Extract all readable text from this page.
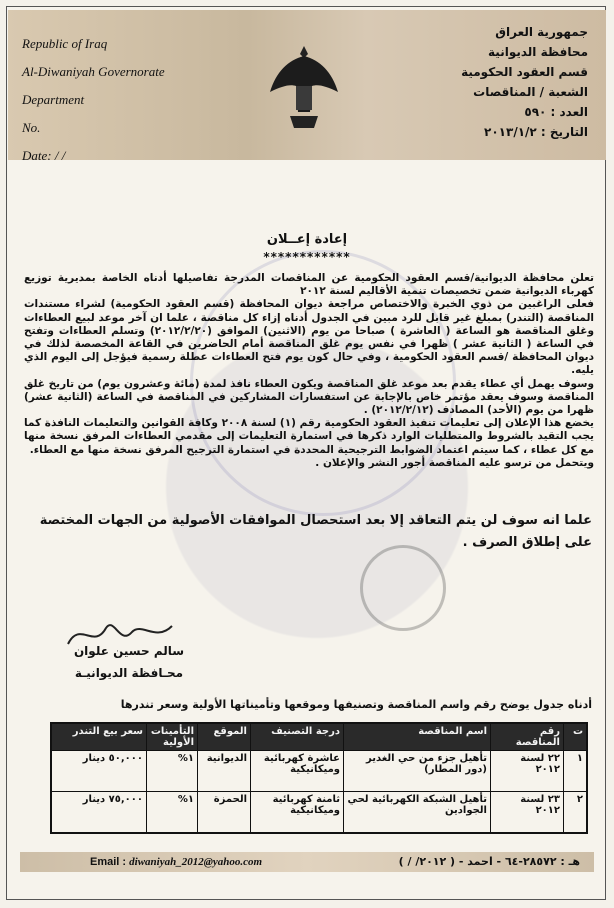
Republic of Iraq
Al-Diwaniyah Governorate
Department
No.
Date: / /
جمهورية العراق
محافظة الديوانية
قسم العقود الحكومية
الشعبة / المناقصات
العدد : ٥٩٠
التاريخ : ٢٠١٣/١/٢
إعادة إعــلان
************

تعلن محافظة الديوانية/قسم العقود الحكومية عن المناقصات المدرجة تفاصيلها أدناه الخاصة بمديرية توزيع كهرباء الديوانية ضمن تخصيصات تنمية الأقاليم لسنة ٢٠١٢

فعلى الراغبين من ذوي الخبرة والاختصاص مراجعة ديوان المحافظة (قسم العقود الحكومية) لشراء مستندات المناقصة (التندر) بمبلغ غير قابل للرد مبين في الجدول أدناه إزاء كل مناقصة ، علما ان آخر موعد لبيع العطاءات وغلق المناقصة هو الساعة ( العاشرة ) صباحا من يوم (الاثنين) الموافق (٢٠١٢/٢/٢٠) وتسلم العطاءات وتفتح في الساعة ( الثانية عشر ) ظهرا في نفس يوم غلق المناقصة أمام الحاضرين في القاعة المخصصة لذلك في ديوان المحافظة /قسم العقود الحكومية ، وفي حال كون يوم فتح العطاءات عطلة رسمية فيؤجل إلى اليوم الذي يليه.

وسوف يهمل أي عطاء يقدم بعد موعد غلق المناقصة ويكون العطاء نافذ لمدة (مائة وعشرون يوم) من تاريخ غلق المناقصة وسوف يعقد مؤتمر خاص بالإجابة عن استفسارات المشاركين في المناقصة في الساعة (الثانية عشر) ظهرا من يوم (الأحد) المصادف (٢٠١٢/٢/١٢) .

يخضع هذا الإعلان إلى تعليمات تنفيذ العقود الحكومية رقم (١) لسنة ٢٠٠٨ وكافة القوانين والتعليمات النافذة كما يجب التقيد بالشروط والمتطلبات الوارد ذكرها في استمارة التعليمات إلى مقدمي العطاءات المرفق نسخة منها مع كل عطاء ، كما سيتم اعتماد الضوابط الترجيحية المحددة في استمارة الترجيح المرفق نسخة منها مع العطاء.

ويتحمل من ترسو عليه المناقصة أجور النشر والإعلان .

علما انه سوف لن يتم التعاقد إلا بعد استحصال الموافقات الأصولية من الجهات المختصة على إطلاق الصرف .
سالم حسين علوان
محـافظة الديوانيـة
أدناه جدول يوضح رقم واسم المناقصة وتصنيفها وموقعها وتأميناتها الأولية وسعر تندرها
ت	رقم المناقصة	اسم المناقصة	درجة التصنيف	الموقع	التأمينات الأولية	سعر بيع التندر
١	٢٢ لسنة ٢٠١٢	تأهيل جزء من حي الغدير (دور المطار)	عاشرة كهربائية وميكانيكية	الديوانية	١%	٥٠,٠٠٠ دينار
٢	٢٣ لسنة ٢٠١٢	تأهيل الشبكة الكهربائية لحي الجوادين	ثامنة كهربائية وميكانيكية	الحمزة	١%	٧٥,٠٠٠ دينار
Email : diwaniyah_2012@yahoo.com	هـ : ٢٨٥٧٢-٦٤ - احمد - ( ٢٠١٢/ / )
